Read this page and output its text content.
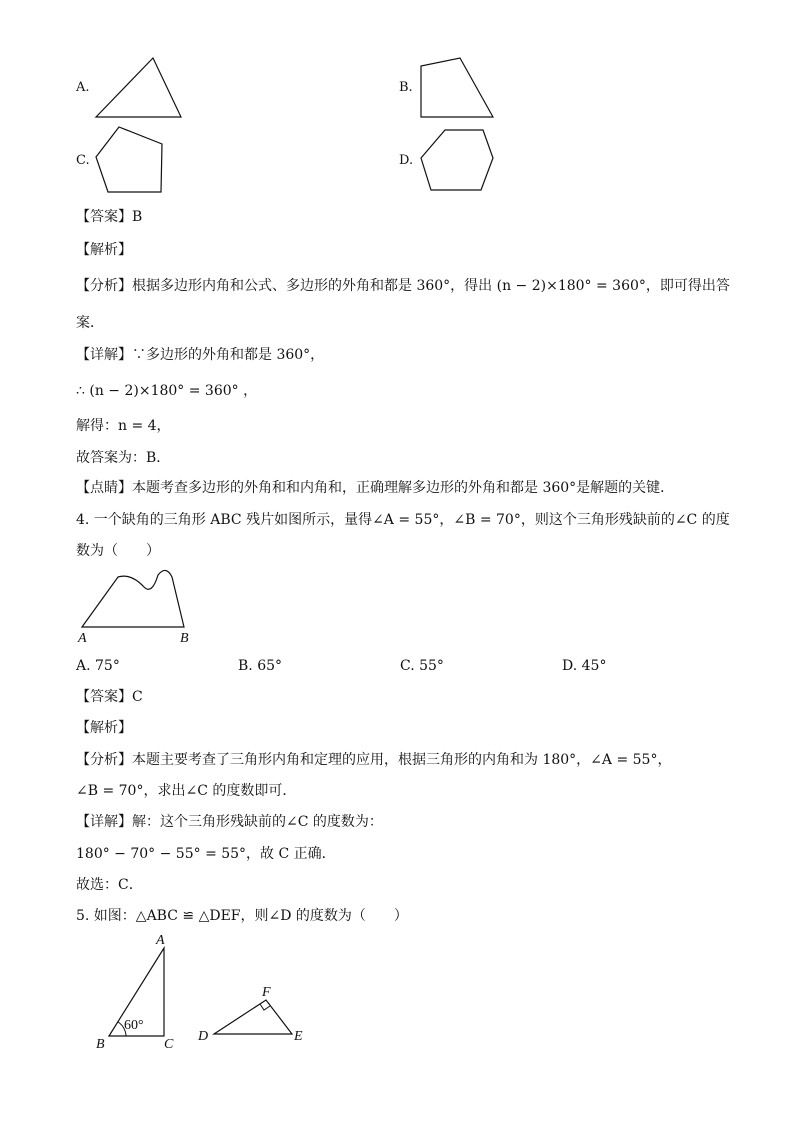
A.	B.
C.	D.
【答案】B
【解析】
【分析】根据多边形内角和公式、多边形的外角和都是 360°，得出 (n − 2)×180° = 360°，即可得出答
案．
【详解】∵多边形的外角和都是 360°，
∴ (n − 2)×180° = 360° ，
解得：n = 4，
故答案为：B．
【点睛】本题考查多边形的外角和和内角和，正确理解多边形的外角和都是 360°是解题的关键．
4. 一个缺角的三角形 ABC 残片如图所示，量得∠A = 55°，∠B = 70°，则这个三角形残缺前的∠C 的度
数为（　　）
A	B
A. 75°	B. 65°	C. 55°	D. 45°
【答案】C
【解析】
【分析】本题主要考查了三角形内角和定理的应用，根据三角形的内角和为 180°，∠A = 55°，
∠B = 70°，求出∠C 的度数即可．
【详解】解：这个三角形残缺前的∠C 的度数为：
180° − 70° − 55° = 55°，故 C 正确．
故选：C．
5. 如图：△ABC ≌ △DEF，则∠D 的度数为（　　）
A
B	C
60°
F
D	E
